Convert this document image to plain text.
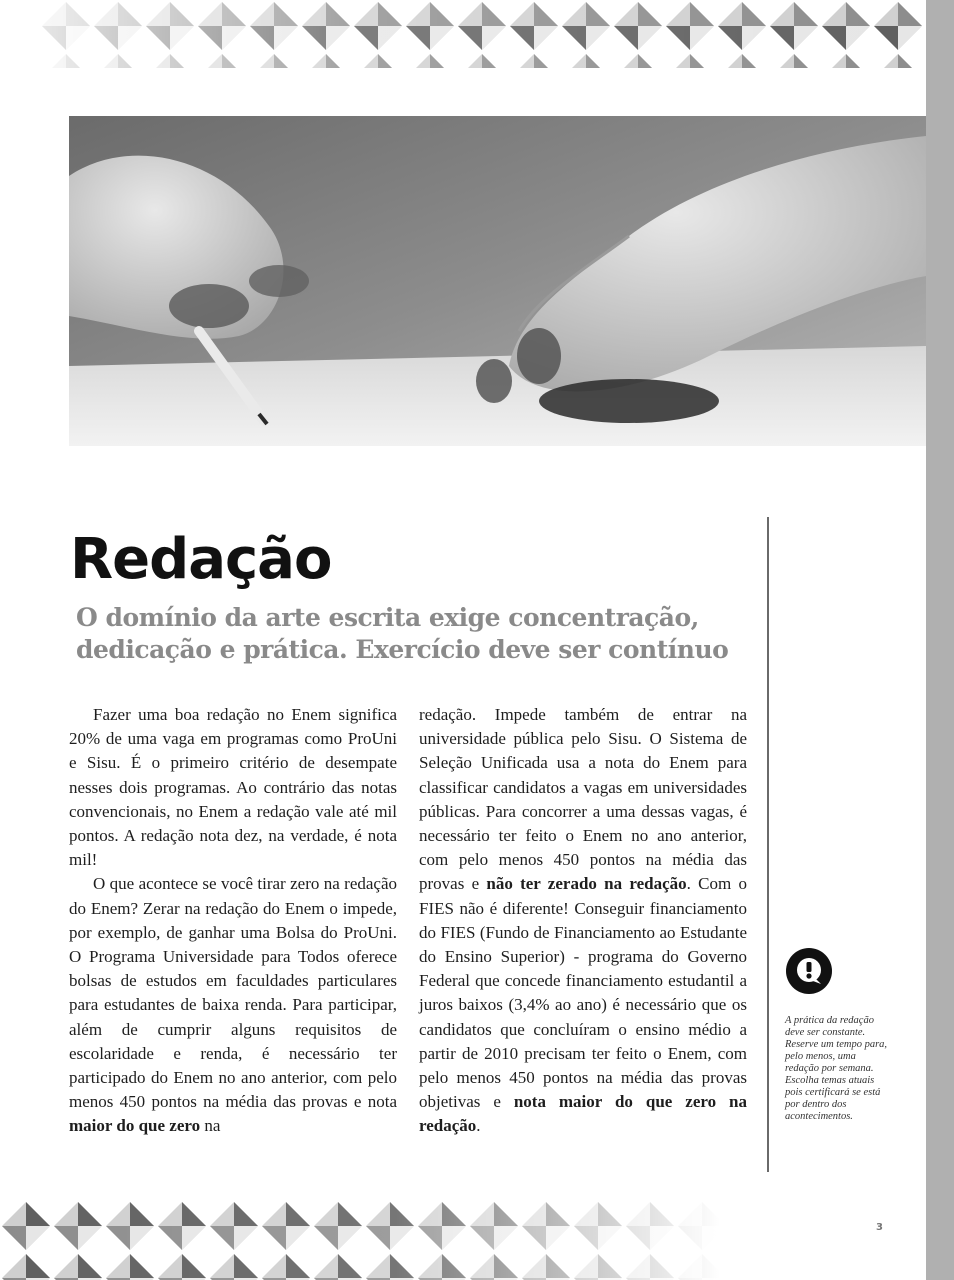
Redação
O domínio da arte escrita exige concentração, dedicação e prática. Exercício deve ser contínuo

Fazer uma boa redação no Enem significa 20% de uma vaga em programas como ProUni e Sisu. É o primeiro critério de desempate nesses dois programas. Ao contrário das notas convencionais, no Enem a redação vale até mil pontos. A redação nota dez, na verdade, é nota mil!

O que acontece se você tirar zero na redação do Enem? Zerar na redação do Enem o impede, por exemplo, de ganhar uma Bolsa do ProUni. O Programa Universidade para Todos oferece bolsas de estudos em faculdades particulares para estudantes de baixa renda. Para participar, além de cumprir alguns requisitos de escolaridade e renda, é necessário ter participado do Enem no ano anterior, com pelo menos 450 pontos na média das provas e nota maior do que zero na

redação. Impede também de entrar na universidade pública pelo Sisu. O Sistema de Seleção Unificada usa a nota do Enem para classificar candidatos a vagas em universidades públicas. Para concorrer a uma dessas vagas, é necessário ter feito o Enem no ano anterior, com pelo menos 450 pontos na média das provas e não ter zerado na redação. Com o FIES não é diferente! Conseguir financiamento do FIES (Fundo de Financiamento ao Estudante do Ensino Superior) - programa do Governo Federal que concede financiamento estudantil a juros baixos (3,4% ao ano) é necessário que os candidatos que concluíram o ensino médio a partir de 2010 precisam ter feito o Enem, com pelo menos 450 pontos na média das provas objetivas e nota maior do que zero na redação.

A prática da redação deve ser constante. Reserve um tempo para, pelo menos, uma redação por semana. Escolha temas atuais pois certificará se está por dentro dos acontecimentos.

3
